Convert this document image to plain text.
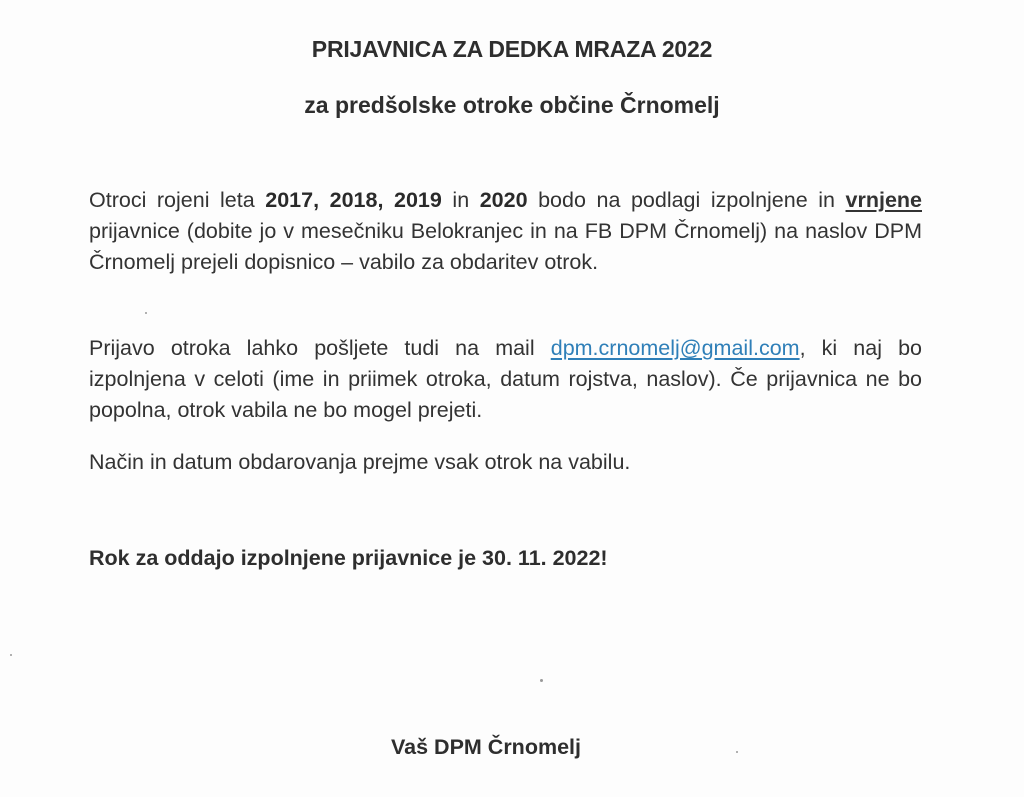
PRIJAVNICA ZA DEDKA MRAZA 2022
za predšolske otroke občine Črnomelj
Otroci rojeni leta 2017, 2018, 2019 in 2020 bodo na podlagi izpolnjene in vrnjene prijavnice (dobite jo v mesečniku Belokranjec in na FB DPM Črnomelj) na naslov DPM Črnomelj prejeli dopisnico – vabilo za obdaritev otrok.
Prijavo otroka lahko pošljete tudi na mail dpm.crnomelj@gmail.com, ki naj bo izpolnjena v celoti (ime in priimek otroka, datum rojstva, naslov). Če prijavnica ne bo popolna, otrok vabila ne bo mogel prejeti.
Način in datum obdarovanja prejme vsak otrok na vabilu.
Rok za oddajo izpolnjene prijavnice je 30. 11. 2022!
Vaš DPM Črnomelj
